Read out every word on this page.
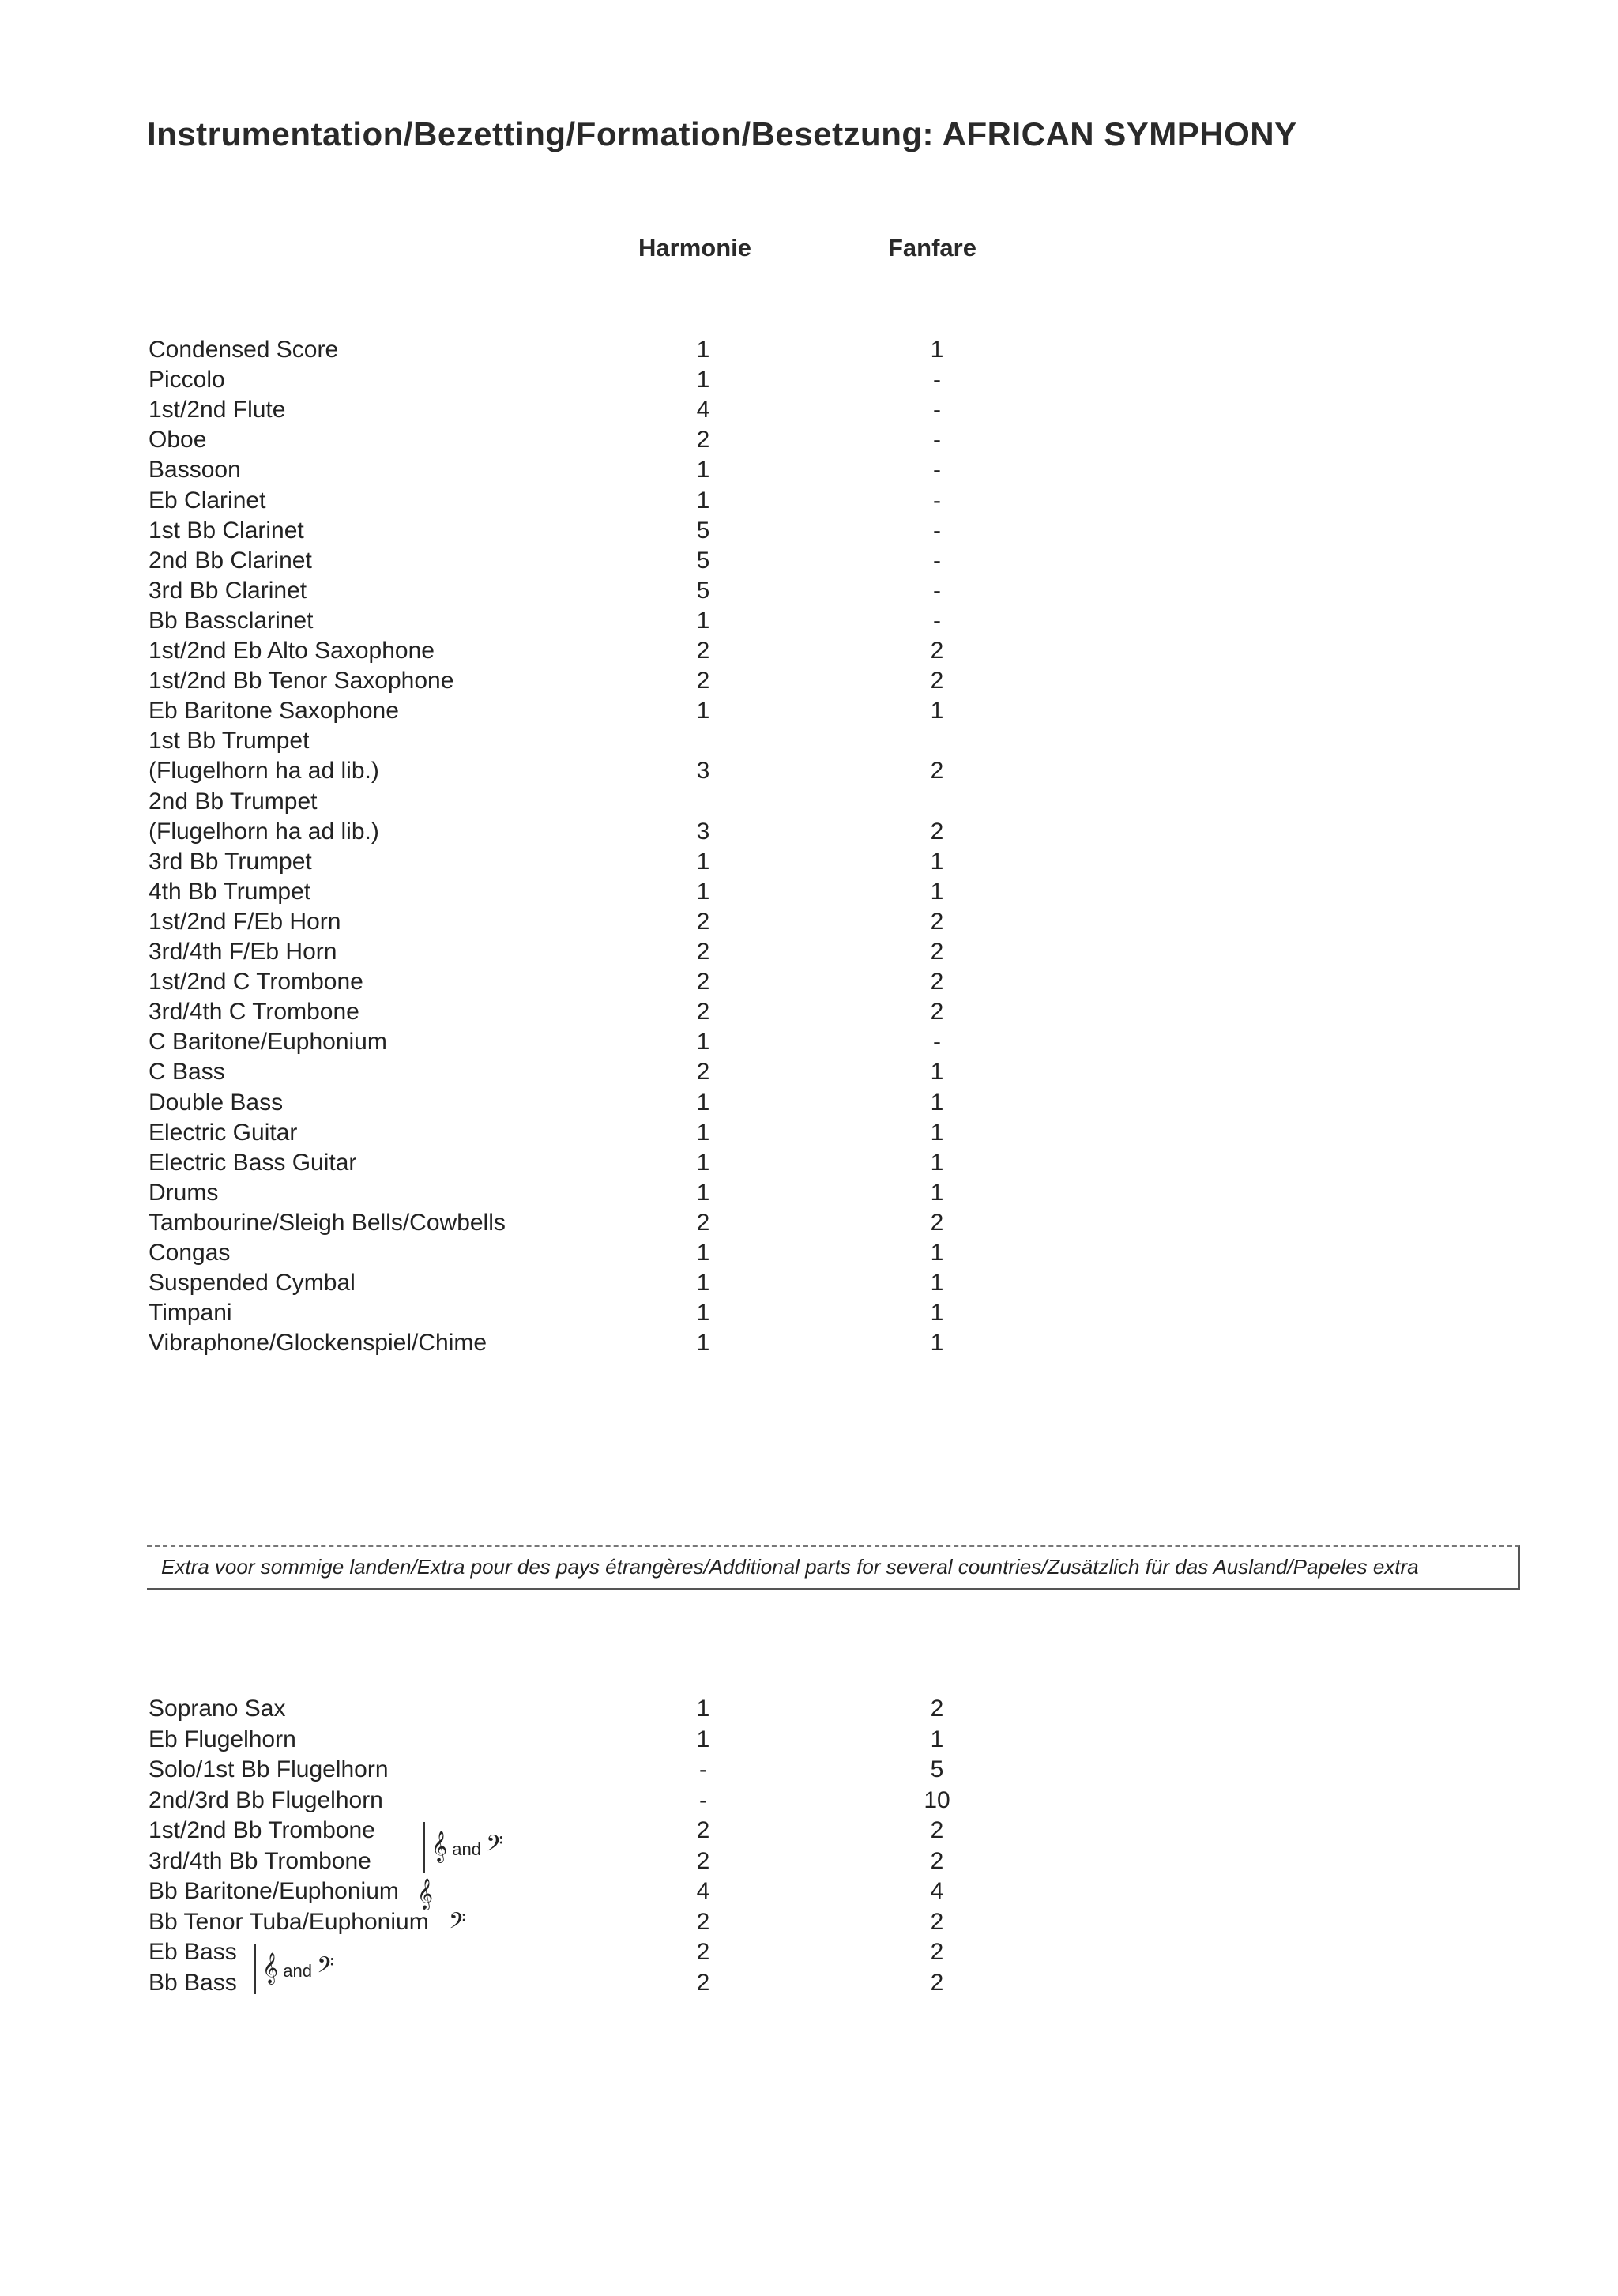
Instrumentation/Bezetting/Formation/Besetzung: AFRICAN SYMPHONY
Harmonie	Fanfare
Condensed Score	1	1
Piccolo	1	-
1st/2nd Flute	4	-
Oboe	2	-
Bassoon	1	-
Eb Clarinet	1	-
1st Bb Clarinet	5	-
2nd Bb Clarinet	5	-
3rd Bb Clarinet	5	-
Bb Bassclarinet	1	-
1st/2nd Eb Alto Saxophone	2	2
1st/2nd Bb Tenor Saxophone	2	2
Eb Baritone Saxophone	1	1
1st Bb Trumpet
(Flugelhorn ha ad lib.)	3	2
2nd Bb Trumpet
(Flugelhorn ha ad lib.)	3	2
3rd Bb Trumpet	1	1
4th Bb Trumpet	1	1
1st/2nd F/Eb Horn	2	2
3rd/4th F/Eb Horn	2	2
1st/2nd C Trombone	2	2
3rd/4th C Trombone	2	2
C Baritone/Euphonium	1	-
C Bass	2	1
Double Bass	1	1
Electric Guitar	1	1
Electric Bass Guitar	1	1
Drums	1	1
Tambourine/Sleigh Bells/Cowbells	2	2
Congas	1	1
Suspended Cymbal	1	1
Timpani	1	1
Vibraphone/Glockenspiel/Chime	1	1
Extra voor sommige landen/Extra pour des pays étrangères/Additional parts for several countries/Zusätzlich für das Ausland/Papeles extra
Soprano Sax	1	2
Eb Flugelhorn	1	1
Solo/1st Bb Flugelhorn	-	5
2nd/3rd Bb Flugelhorn	-	10
1st/2nd Bb Trombone	2	2
3rd/4th Bb Trombone	2	2
Bb Baritone/Euphonium	4	4
Bb Tenor Tuba/Euphonium	2	2
Eb Bass	2	2
Bb Bass	2	2
𝄞 and 𝄢
𝄞
𝄢
𝄞 and 𝄢
